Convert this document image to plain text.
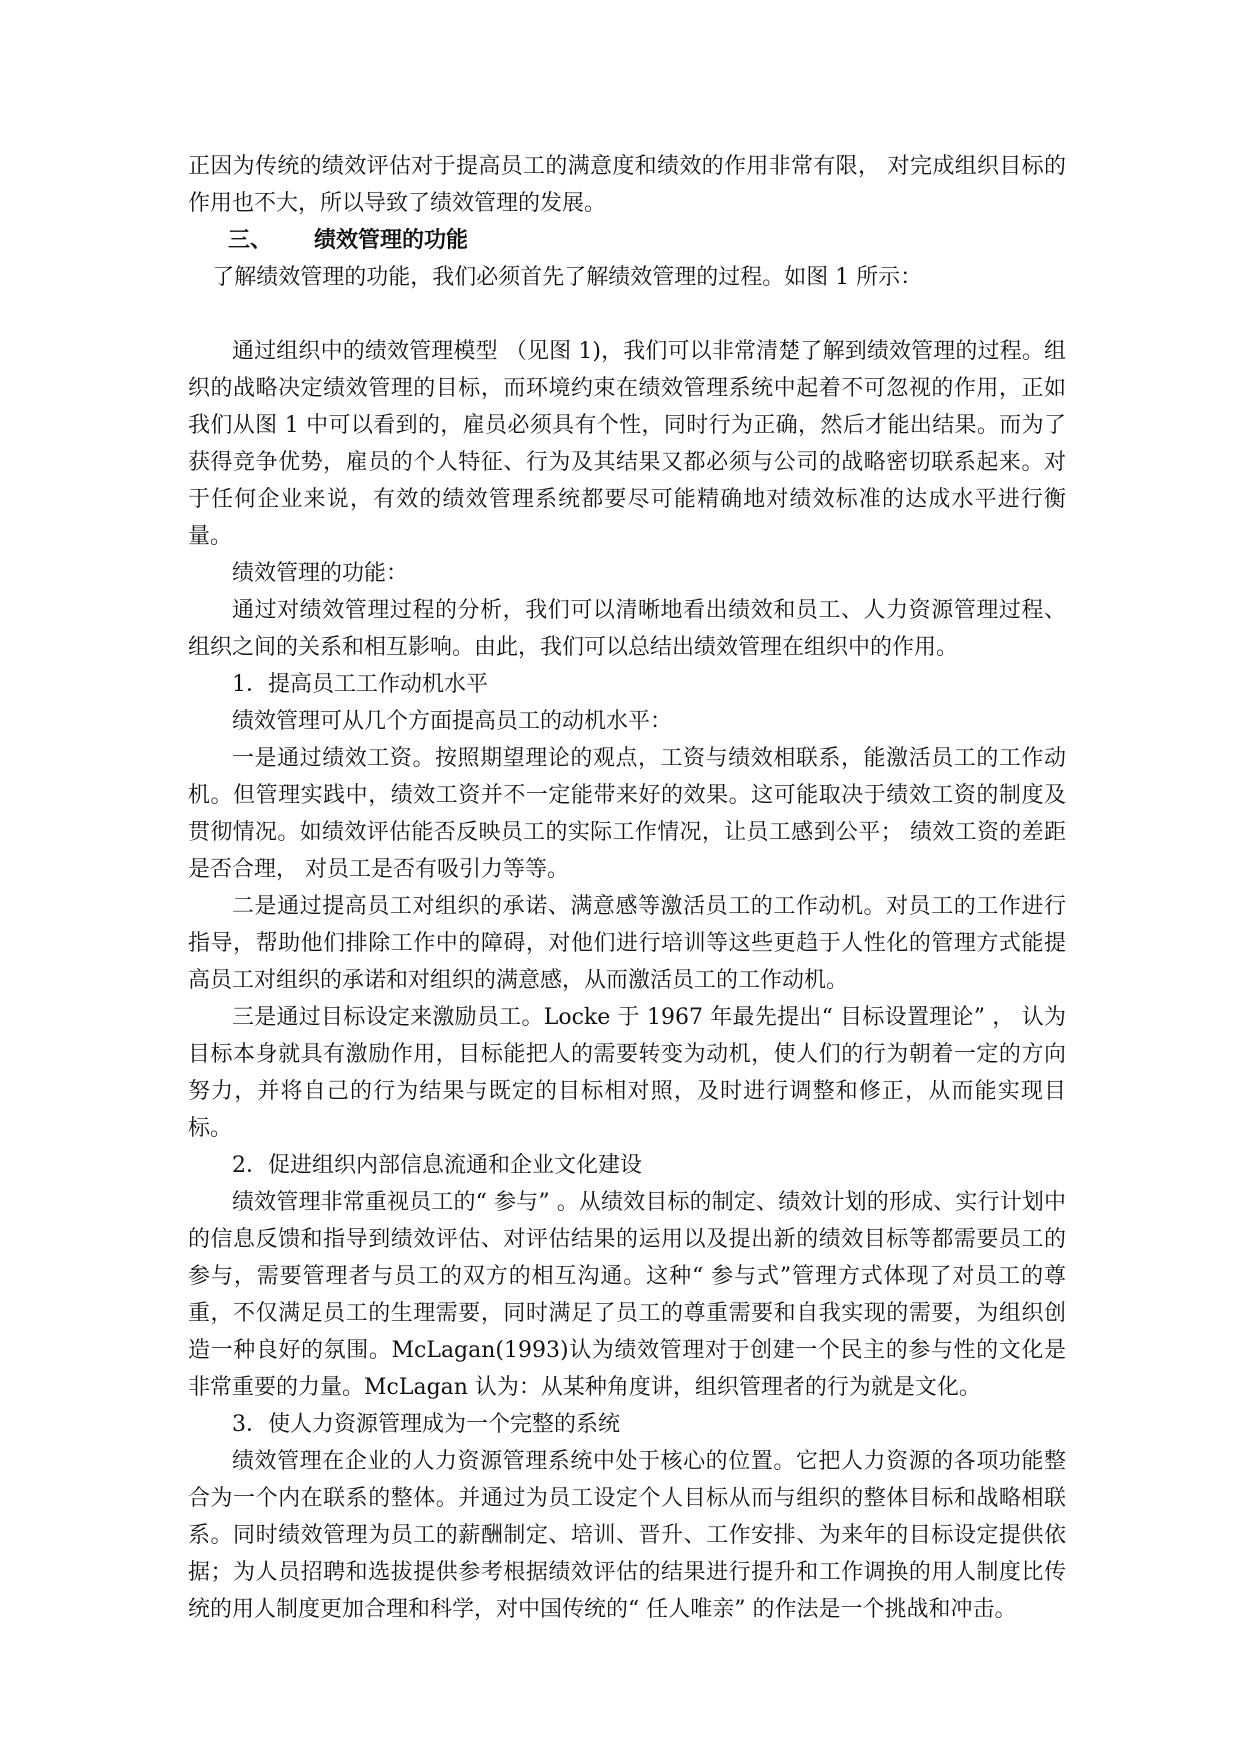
正因为传统的绩效评估对于提高员工的满意度和绩效的作用非常有限， 对完成组织目标的作用也不大，所以导致了绩效管理的发展。

三、 绩效管理的功能

了解绩效管理的功能，我们必须首先了解绩效管理的过程。如图 1 所示：

通过组织中的绩效管理模型 （见图 1)，我们可以非常清楚了解到绩效管理的过程。组织的战略决定绩效管理的目标，而环境约束在绩效管理系统中起着不可忽视的作用，正如我们从图 1 中可以看到的，雇员必须具有个性，同时行为正确，然后才能出结果。而为了获得竞争优势，雇员的个人特征、行为及其结果又都必须与公司的战略密切联系起来。对于任何企业来说，有效的绩效管理系统都要尽可能精确地对绩效标准的达成水平进行衡量。

绩效管理的功能：

通过对绩效管理过程的分析，我们可以清晰地看出绩效和员工、人力资源管理过程、组织之间的关系和相互影响。由此，我们可以总结出绩效管理在组织中的作用。

1．提高员工工作动机水平

绩效管理可从几个方面提高员工的动机水平：

一是通过绩效工资。按照期望理论的观点，工资与绩效相联系，能激活员工的工作动机。但管理实践中，绩效工资并不一定能带来好的效果。这可能取决于绩效工资的制度及贯彻情况。如绩效评估能否反映员工的实际工作情况，让员工感到公平； 绩效工资的差距是否合理， 对员工是否有吸引力等等。

二是通过提高员工对组织的承诺、满意感等激活员工的工作动机。对员工的工作进行指导，帮助他们排除工作中的障碍，对他们进行培训等这些更趋于人性化的管理方式能提高员工对组织的承诺和对组织的满意感，从而激活员工的工作动机。

三是通过目标设定来激励员工。Locke 于 1967 年最先提出“ 目标设置理论” ， 认为目标本身就具有激励作用，目标能把人的需要转变为动机，使人们的行为朝着一定的方向努力，并将自己的行为结果与既定的目标相对照，及时进行调整和修正，从而能实现目标。

2．促进组织内部信息流通和企业文化建设

绩效管理非常重视员工的“ 参与” 。从绩效目标的制定、绩效计划的形成、实行计划中的信息反馈和指导到绩效评估、对评估结果的运用以及提出新的绩效目标等都需要员工的参与，需要管理者与员工的双方的相互沟通。这种“ 参与式”管理方式体现了对员工的尊重，不仅满足员工的生理需要，同时满足了员工的尊重需要和自我实现的需要，为组织创造一种良好的氛围。McLagan(1993)认为绩效管理对于创建一个民主的参与性的文化是非常重要的力量。McLagan 认为：从某种角度讲，组织管理者的行为就是文化。

3．使人力资源管理成为一个完整的系统

绩效管理在企业的人力资源管理系统中处于核心的位置。它把人力资源的各项功能整合为一个内在联系的整体。并通过为员工设定个人目标从而与组织的整体目标和战略相联系。同时绩效管理为员工的薪酬制定、培训、晋升、工作安排、为来年的目标设定提供依据；为人员招聘和选拔提供参考根据绩效评估的结果进行提升和工作调换的用人制度比传统的用人制度更加合理和科学，对中国传统的“ 任人唯亲” 的作法是一个挑战和冲击。
